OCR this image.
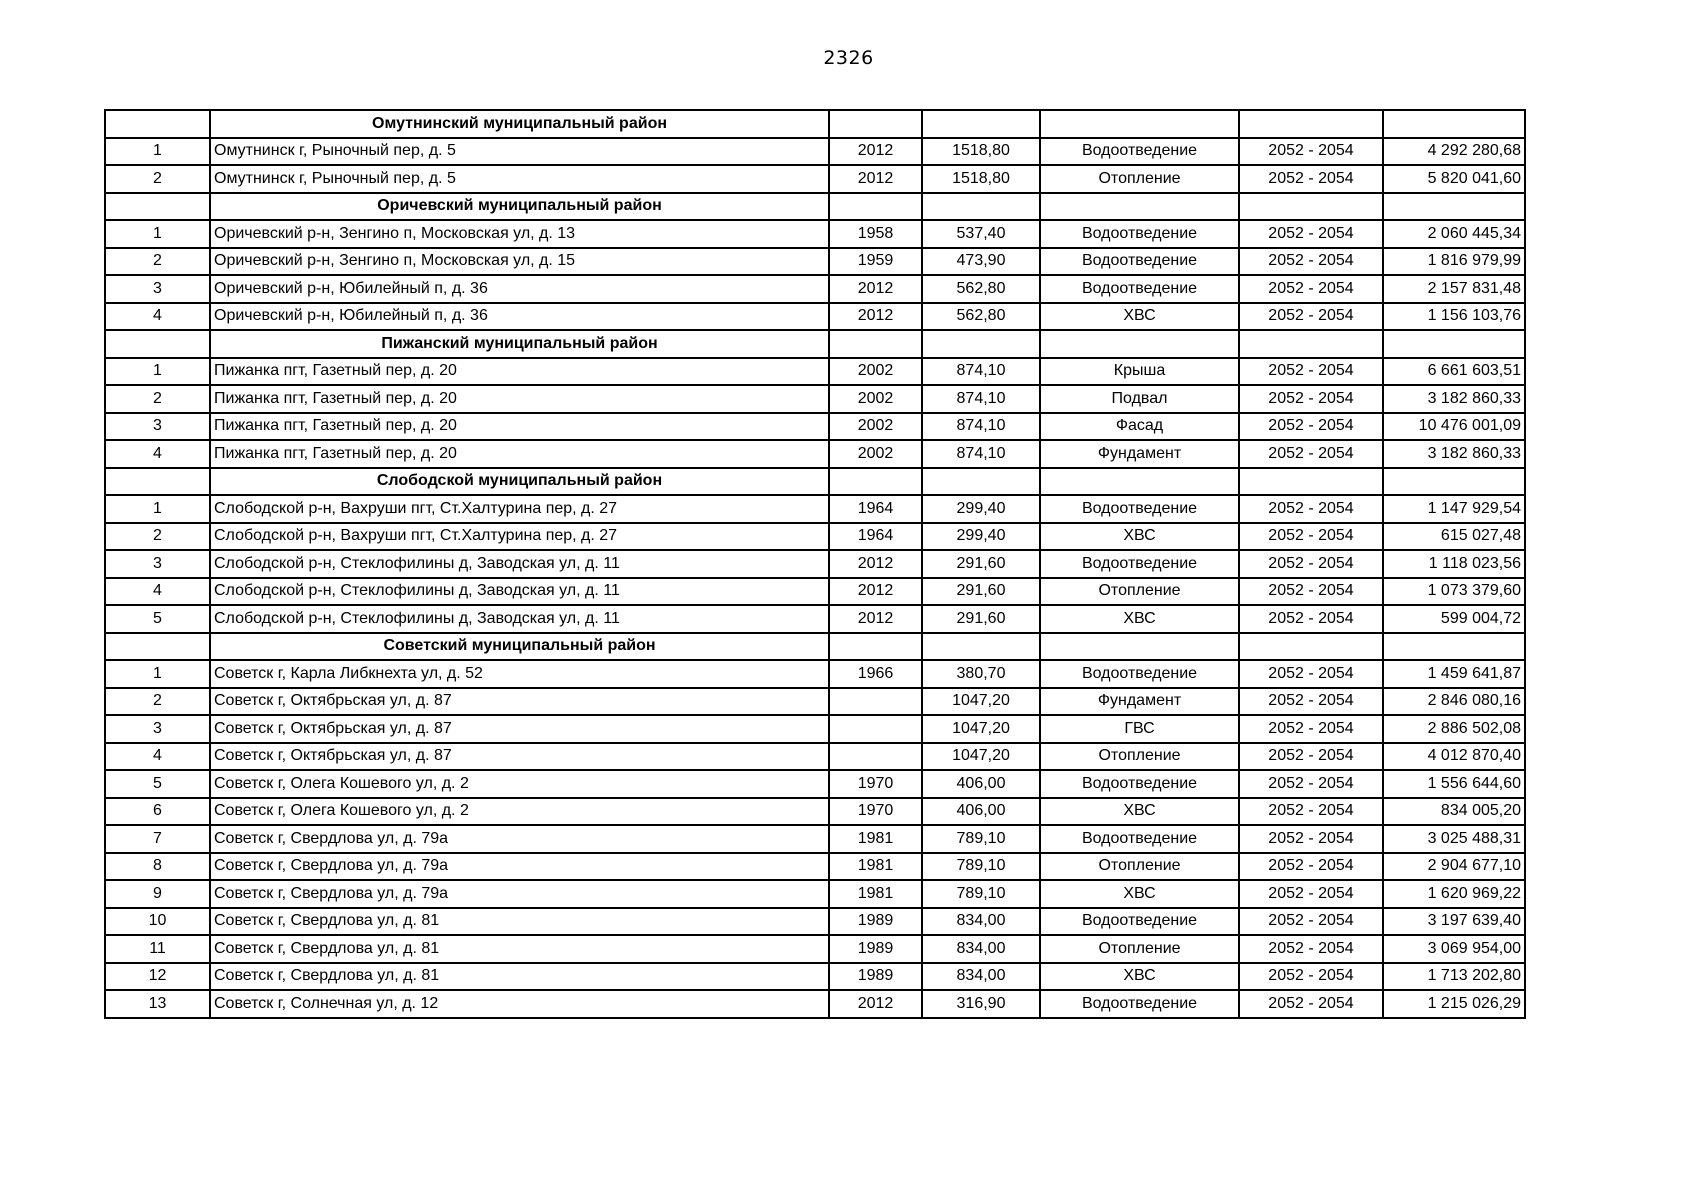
2326
	Омутнинский муниципальный район					
1	Омутнинск г, Рыночный пер, д. 5	2012	1518,80	Водоотведение	2052 - 2054	4 292 280,68
2	Омутнинск г, Рыночный пер, д. 5	2012	1518,80	Отопление	2052 - 2054	5 820 041,60
	Оричевский муниципальный район					
1	Оричевский р-н, Зенгино п, Московская ул, д. 13	1958	537,40	Водоотведение	2052 - 2054	2 060 445,34
2	Оричевский р-н, Зенгино п, Московская ул, д. 15	1959	473,90	Водоотведение	2052 - 2054	1 816 979,99
3	Оричевский р-н, Юбилейный п, д. 36	2012	562,80	Водоотведение	2052 - 2054	2 157 831,48
4	Оричевский р-н, Юбилейный п, д. 36	2012	562,80	ХВС	2052 - 2054	1 156 103,76
	Пижанский муниципальный район					
1	Пижанка пгт, Газетный пер, д. 20	2002	874,10	Крыша	2052 - 2054	6 661 603,51
2	Пижанка пгт, Газетный пер, д. 20	2002	874,10	Подвал	2052 - 2054	3 182 860,33
3	Пижанка пгт, Газетный пер, д. 20	2002	874,10	Фасад	2052 - 2054	10 476 001,09
4	Пижанка пгт, Газетный пер, д. 20	2002	874,10	Фундамент	2052 - 2054	3 182 860,33
	Слободской муниципальный район					
1	Слободской р-н, Вахруши пгт, Ст.Халтурина пер, д. 27	1964	299,40	Водоотведение	2052 - 2054	1 147 929,54
2	Слободской р-н, Вахруши пгт, Ст.Халтурина пер, д. 27	1964	299,40	ХВС	2052 - 2054	615 027,48
3	Слободской р-н, Стеклофилины д, Заводская ул, д. 11	2012	291,60	Водоотведение	2052 - 2054	1 118 023,56
4	Слободской р-н, Стеклофилины д, Заводская ул, д. 11	2012	291,60	Отопление	2052 - 2054	1 073 379,60
5	Слободской р-н, Стеклофилины д, Заводская ул, д. 11	2012	291,60	ХВС	2052 - 2054	599 004,72
	Советский муниципальный район					
1	Советск г, Карла Либкнехта ул, д. 52	1966	380,70	Водоотведение	2052 - 2054	1 459 641,87
2	Советск г, Октябрьская ул, д. 87		1047,20	Фундамент	2052 - 2054	2 846 080,16
3	Советск г, Октябрьская ул, д. 87		1047,20	ГВС	2052 - 2054	2 886 502,08
4	Советск г, Октябрьская ул, д. 87		1047,20	Отопление	2052 - 2054	4 012 870,40
5	Советск г, Олега Кошевого ул, д. 2	1970	406,00	Водоотведение	2052 - 2054	1 556 644,60
6	Советск г, Олега Кошевого ул, д. 2	1970	406,00	ХВС	2052 - 2054	834 005,20
7	Советск г, Свердлова ул, д. 79а	1981	789,10	Водоотведение	2052 - 2054	3 025 488,31
8	Советск г, Свердлова ул, д. 79а	1981	789,10	Отопление	2052 - 2054	2 904 677,10
9	Советск г, Свердлова ул, д. 79а	1981	789,10	ХВС	2052 - 2054	1 620 969,22
10	Советск г, Свердлова ул, д. 81	1989	834,00	Водоотведение	2052 - 2054	3 197 639,40
11	Советск г, Свердлова ул, д. 81	1989	834,00	Отопление	2052 - 2054	3 069 954,00
12	Советск г, Свердлова ул, д. 81	1989	834,00	ХВС	2052 - 2054	1 713 202,80
13	Советск г, Солнечная ул, д. 12	2012	316,90	Водоотведение	2052 - 2054	1 215 026,29
